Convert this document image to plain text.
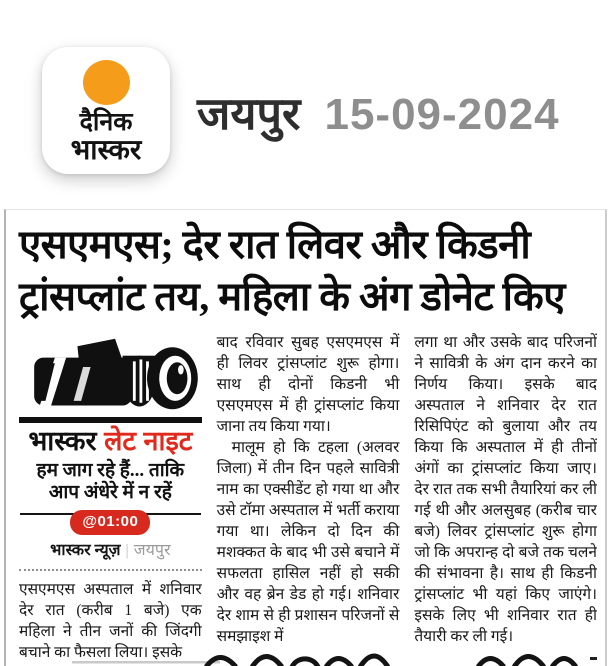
दैनिक
भास्कर
जयपुर 15-09-2024
एसएमएस; देर रात लिवर और किडनी
ट्रांसप्लांट तय, महिला के अंग डोनेट किए
भास्कर लेट नाइट
हम जाग रहे हैं... ताकि
आप अंधेरे में न रहें
@01:00
भास्कर न्यूज़ | जयपुर

एसएमएस अस्पताल में शनिवार देर रात (करीब 1 बजे) एक महिला ने तीन जनों की जिंदगी बचाने का फैसला लिया। इसके

बाद रविवार सुबह एसएमएस में ही लिवर ट्रांसप्लांट शुरू होगा। साथ ही दोनों किडनी भी एसएमएस में ही ट्रांसप्लांट किया जाना तय किया गया।

मालूम हो कि टहला (अलवर जिला) में तीन दिन पहले सावित्री नाम का एक्सीडेंट हो गया था और उसे टॉमा अस्पताल में भर्ती कराया गया था। लेकिन दो दिन की मशक्कत के बाद भी उसे बचाने में सफलता हासिल नहीं हो सकी और वह ब्रेन डेड हो गई। शनिवार देर शाम से ही प्रशासन परिजनों से समझाइश में

लगा था और उसके बाद परिजनों ने सावित्री के अंग दान करने का निर्णय किया। इसके बाद अस्पताल ने शनिवार देर रात रिसिपिएंट को बुलाया और तय किया कि अस्पताल में ही तीनों अंगों का ट्रांसप्लांट किया जाए। देर रात तक सभी तैयारियां कर ली गई थी और अलसुबह (करीब चार बजे) लिवर ट्रांसप्लांट शुरू होगा जो कि अपरान्ह दो बजे तक चलने की संभावना है। साथ ही किडनी ट्रांसप्लांट भी यहां किए जाएंगे। इसके लिए भी शनिवार रात ही तैयारी कर ली गई।
